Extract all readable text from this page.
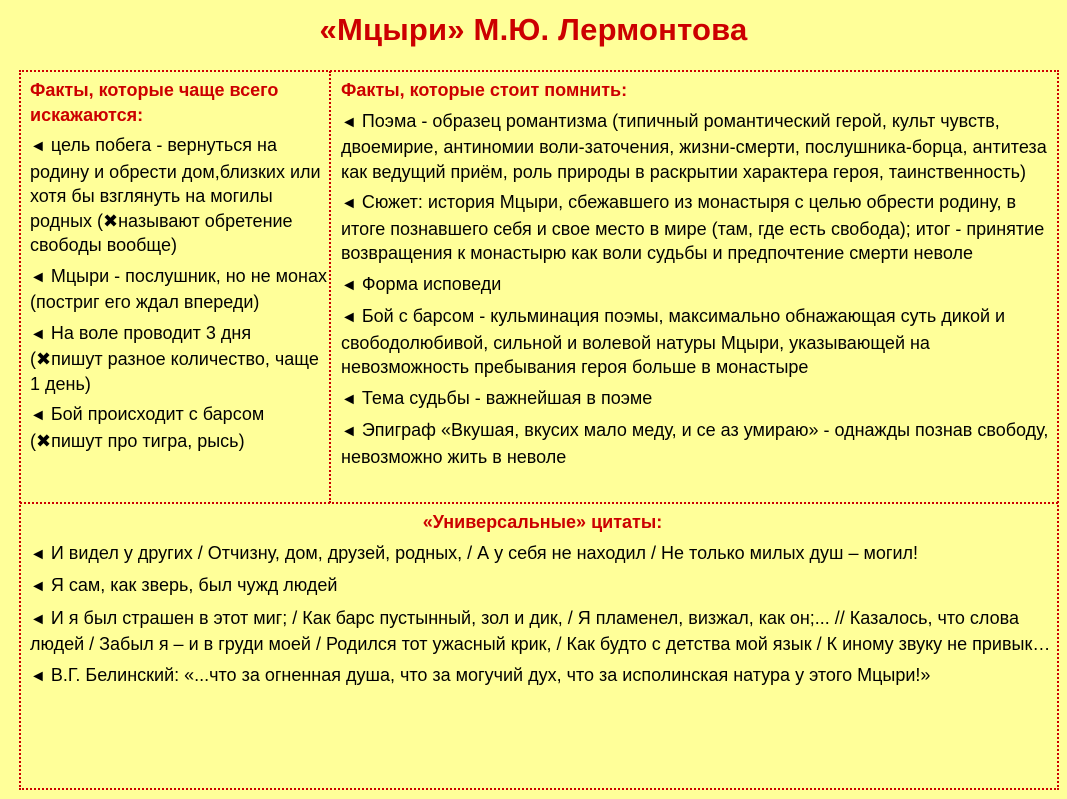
«Мцыри» М.Ю. Лермонтова
Факты, которые чаще всего искажаются:
◄ цель побега - вернуться на родину и обрести дом,близких или хотя бы взглянуть на могилы родных (✖называют обретение свободы вообще)
◄ Мцыри - послушник, но не монах (постриг его ждал впереди)
◄ На воле проводит 3 дня (✖пишут разное количество, чаще 1 день)
◄ Бой происходит с барсом (✖пишут про тигра, рысь)
Факты, которые стоит помнить:
◄ Поэма - образец романтизма (типичный романтический герой, культ чувств, двоемирие, антиномии воли-заточения, жизни-смерти, послушника-борца, антитеза как ведущий приём, роль природы в раскрытии характера героя, таинственность)
◄ Сюжет: история Мцыри, сбежавшего из монастыря с целью обрести родину, в итоге познавшего себя и свое место в мире (там, где есть свобода); итог - принятие возвращения к монастырю как воли судьбы и предпочтение смерти неволе
◄ Форма исповеди
◄ Бой с барсом - кульминация поэмы, максимально обнажающая суть дикой и свободолюбивой, сильной и волевой натуры Мцыри, указывающей на невозможность пребывания героя больше в монастыре
◄ Тема судьбы - важнейшая в поэме
◄ Эпиграф «Вкушая, вкусих мало меду, и се аз умираю» - однажды познав свободу, невозможно жить в неволе
«Универсальные» цитаты:
◄ И видел у других / Отчизну, дом, друзей, родных, / А у себя не находил / Не только милых душ – могил!
◄ Я сам, как зверь, был чужд людей
◄ И я был страшен в этот миг; / Как барс пустынный, зол и дик, / Я пламенел, визжал, как он;... // Казалось, что слова людей / Забыл я – и в груди моей / Родился тот ужасный крик, / Как будто с детства мой язык / К иному звуку не привык…
◄ В.Г. Белинский: «...что за огненная душа, что за могучий дух, что за исполинская натура у этого Мцыри!»
